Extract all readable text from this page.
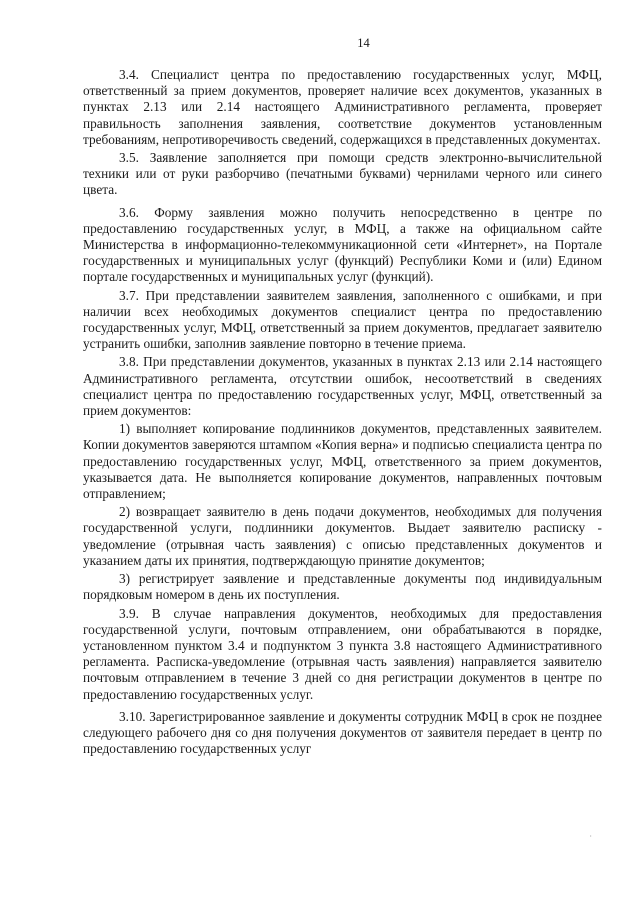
14

3.4. Специалист центра по предоставлению государственных услуг, МФЦ, ответственный за прием документов, проверяет наличие всех документов, указанных в пунктах 2.13 или 2.14 настоящего Административного регламента, проверяет правильность заполнения заявления, соответствие документов установленным требованиям, непротиворечивость сведений, содержащихся в представленных документах.

3.5. Заявление заполняется при помощи средств электронно-вычислительной техники или от руки разборчиво (печатными буквами) чернилами черного или синего цвета.

3.6. Форму заявления можно получить непосредственно в центре по предоставлению государственных услуг, в МФЦ, а также на официальном сайте Министерства в информационно-телекоммуникационной сети «Интернет», на Портале государственных и муниципальных услуг (функций) Республики Коми и (или) Едином портале государственных и муниципальных услуг (функций).

3.7. При представлении заявителем заявления, заполненного с ошибками, и при наличии всех необходимых документов специалист центра по предоставлению государственных услуг, МФЦ, ответственный за прием документов, предлагает заявителю устранить ошибки, заполнив заявление повторно в течение приема.

3.8. При представлении документов, указанных в пунктах 2.13 или 2.14 настоящего Административного регламента, отсутствии ошибок, несоответствий в сведениях специалист центра по предоставлению государственных услуг, МФЦ, ответственный за прием документов:

1) выполняет копирование подлинников документов, представленных заявителем. Копии документов заверяются штампом «Копия верна» и подписью специалиста центра по предоставлению государственных услуг, МФЦ, ответственного за прием документов, указывается дата. Не выполняется копирование документов, направленных почтовым отправлением;

2) возвращает заявителю в день подачи документов, необходимых для получения государственной услуги, подлинники документов. Выдает заявителю расписку - уведомление (отрывная часть заявления) с описью представленных документов и указанием даты их принятия, подтверждающую принятие документов;

3) регистрирует заявление и представленные документы под индивидуальным порядковым номером в день их поступления.

3.9. В случае направления документов, необходимых для предоставления государственной услуги, почтовым отправлением, они обрабатываются в порядке, установленном пунктом 3.4 и подпунктом 3 пункта 3.8 настоящего Административного регламента. Расписка-уведомление (отрывная часть заявления) направляется заявителю почтовым отправлением в течение 3 дней со дня регистрации документов в центре по предоставлению государственных услуг.

3.10. Зарегистрированное заявление и документы сотрудник МФЦ в срок не позднее следующего рабочего дня со дня получения документов от заявителя передает в центр по предоставлению государственных услуг

·
